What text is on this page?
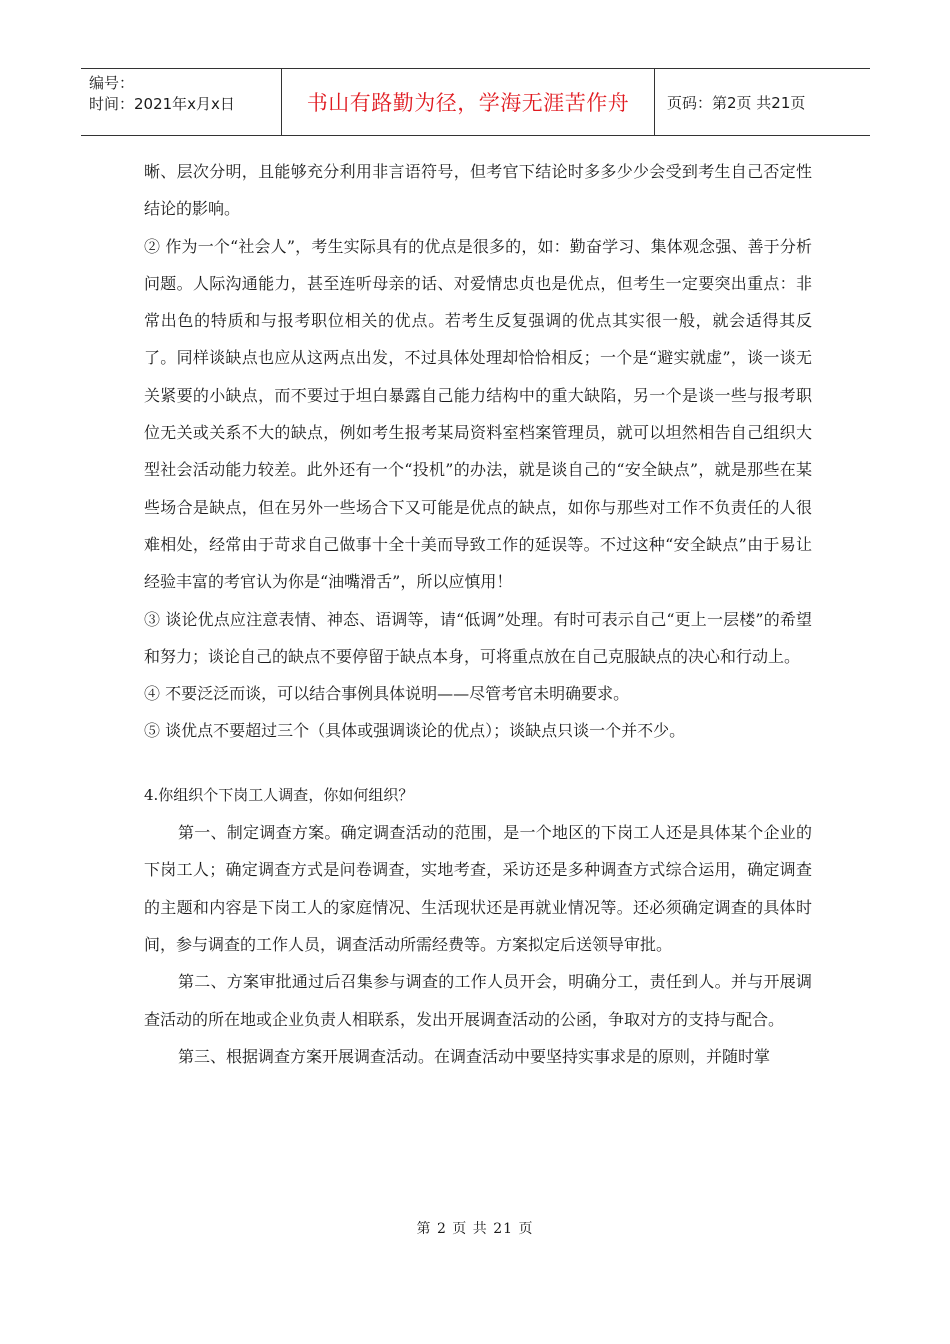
编号：
时间：2021年x月x日	书山有路勤为径，学海无涯苦作舟	页码：第2页 共21页

晰、层次分明，且能够充分利用非言语符号，但考官下结论时多多少少会受到考生自己否定性结论的影响。

② 作为一个“社会人”，考生实际具有的优点是很多的，如：勤奋学习、集体观念强、善于分析问题。人际沟通能力，甚至连听母亲的话、对爱情忠贞也是优点，但考生一定要突出重点：非常出色的特质和与报考职位相关的优点。若考生反复强调的优点其实很一般，就会适得其反了。同样谈缺点也应从这两点出发，不过具体处理却恰恰相反；一个是“避实就虚”，谈一谈无关紧要的小缺点，而不要过于坦白暴露自己能力结构中的重大缺陷，另一个是谈一些与报考职位无关或关系不大的缺点，例如考生报考某局资料室档案管理员，就可以坦然相告自己组织大型社会活动能力较差。此外还有一个“投机”的办法，就是谈自己的“安全缺点”，就是那些在某些场合是缺点，但在另外一些场合下又可能是优点的缺点，如你与那些对工作不负责任的人很难相处，经常由于苛求自己做事十全十美而导致工作的延误等。不过这种“安全缺点”由于易让经验丰富的考官认为你是“油嘴滑舌”，所以应慎用！

③ 谈论优点应注意表情、神态、语调等，请“低调”处理。有时可表示自己“更上一层楼”的希望和努力；谈论自己的缺点不要停留于缺点本身，可将重点放在自己克服缺点的决心和行动上。

④ 不要泛泛而谈，可以结合事例具体说明——尽管考官未明确要求。

⑤ 谈优点不要超过三个（具体或强调谈论的优点）；谈缺点只谈一个并不少。

4.你组织个下岗工人调查，你如何组织？

第一、制定调查方案。确定调查活动的范围，是一个地区的下岗工人还是具体某个企业的下岗工人；确定调查方式是问卷调查，实地考查，采访还是多种调查方式综合运用，确定调查的主题和内容是下岗工人的家庭情况、生活现状还是再就业情况等。还必须确定调查的具体时间，参与调查的工作人员，调查活动所需经费等。方案拟定后送领导审批。

第二、方案审批通过后召集参与调查的工作人员开会，明确分工，责任到人。并与开展调查活动的所在地或企业负责人相联系，发出开展调查活动的公函，争取对方的支持与配合。

第三、根据调查方案开展调查活动。在调查活动中要坚持实事求是的原则，并随时掌

第 2 页 共 21 页
